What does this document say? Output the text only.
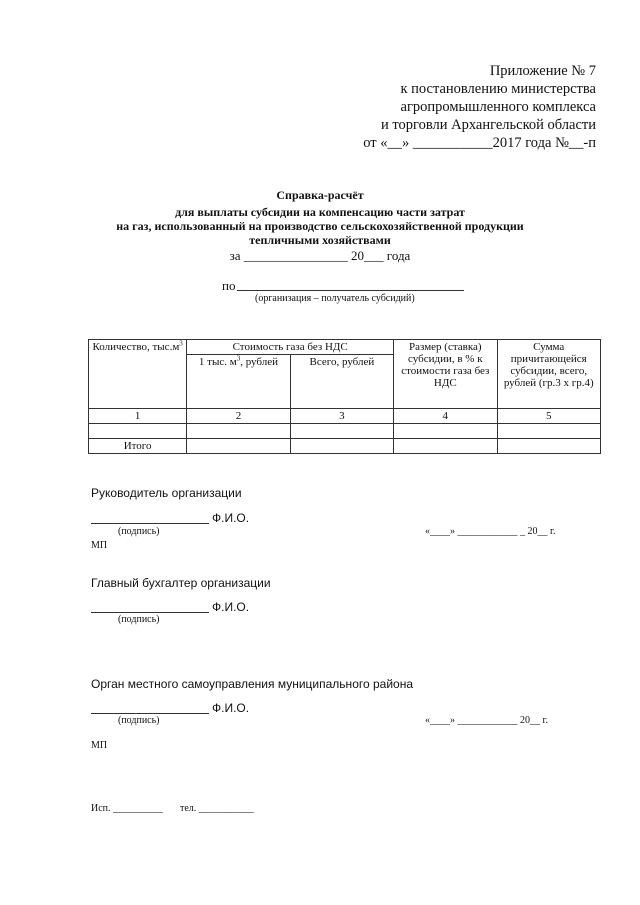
Приложение № 7
к постановлению министерства
агропромышленного комплекса
и торговли Архангельской области
от «__» ___________2017 года №__-п
Справка-расчёт
для выплаты субсидии на компенсацию части затрат
на газ, использованный на производство сельскохозяйственной продукции
тепличными хозяйствами
за ________________ 20___ года
по
(организация – получатель субсидий)
Количество, $тыс.м^3$	Стоимость газа без НДС		Размер (ставка) субсидии, в % к стоимости газа без НДС	Сумма причитающейся субсидии, всего, рублей (гр.3 х гр.4)
	1 тыс. $м^3$, рублей	Всего, рублей		
1	2	3	4	5

Итого				
Руководитель организации
Ф.И.О.
(подпись)	«____» ____________ _ 20__ г.
МП
Главный бухгалтер организации
Ф.И.О.
(подпись)
Орган местного самоуправления муниципального района
Ф.И.О.
(подпись)	«____» ____________ 20__ г.
МП
Исп. __________ тел. ___________
